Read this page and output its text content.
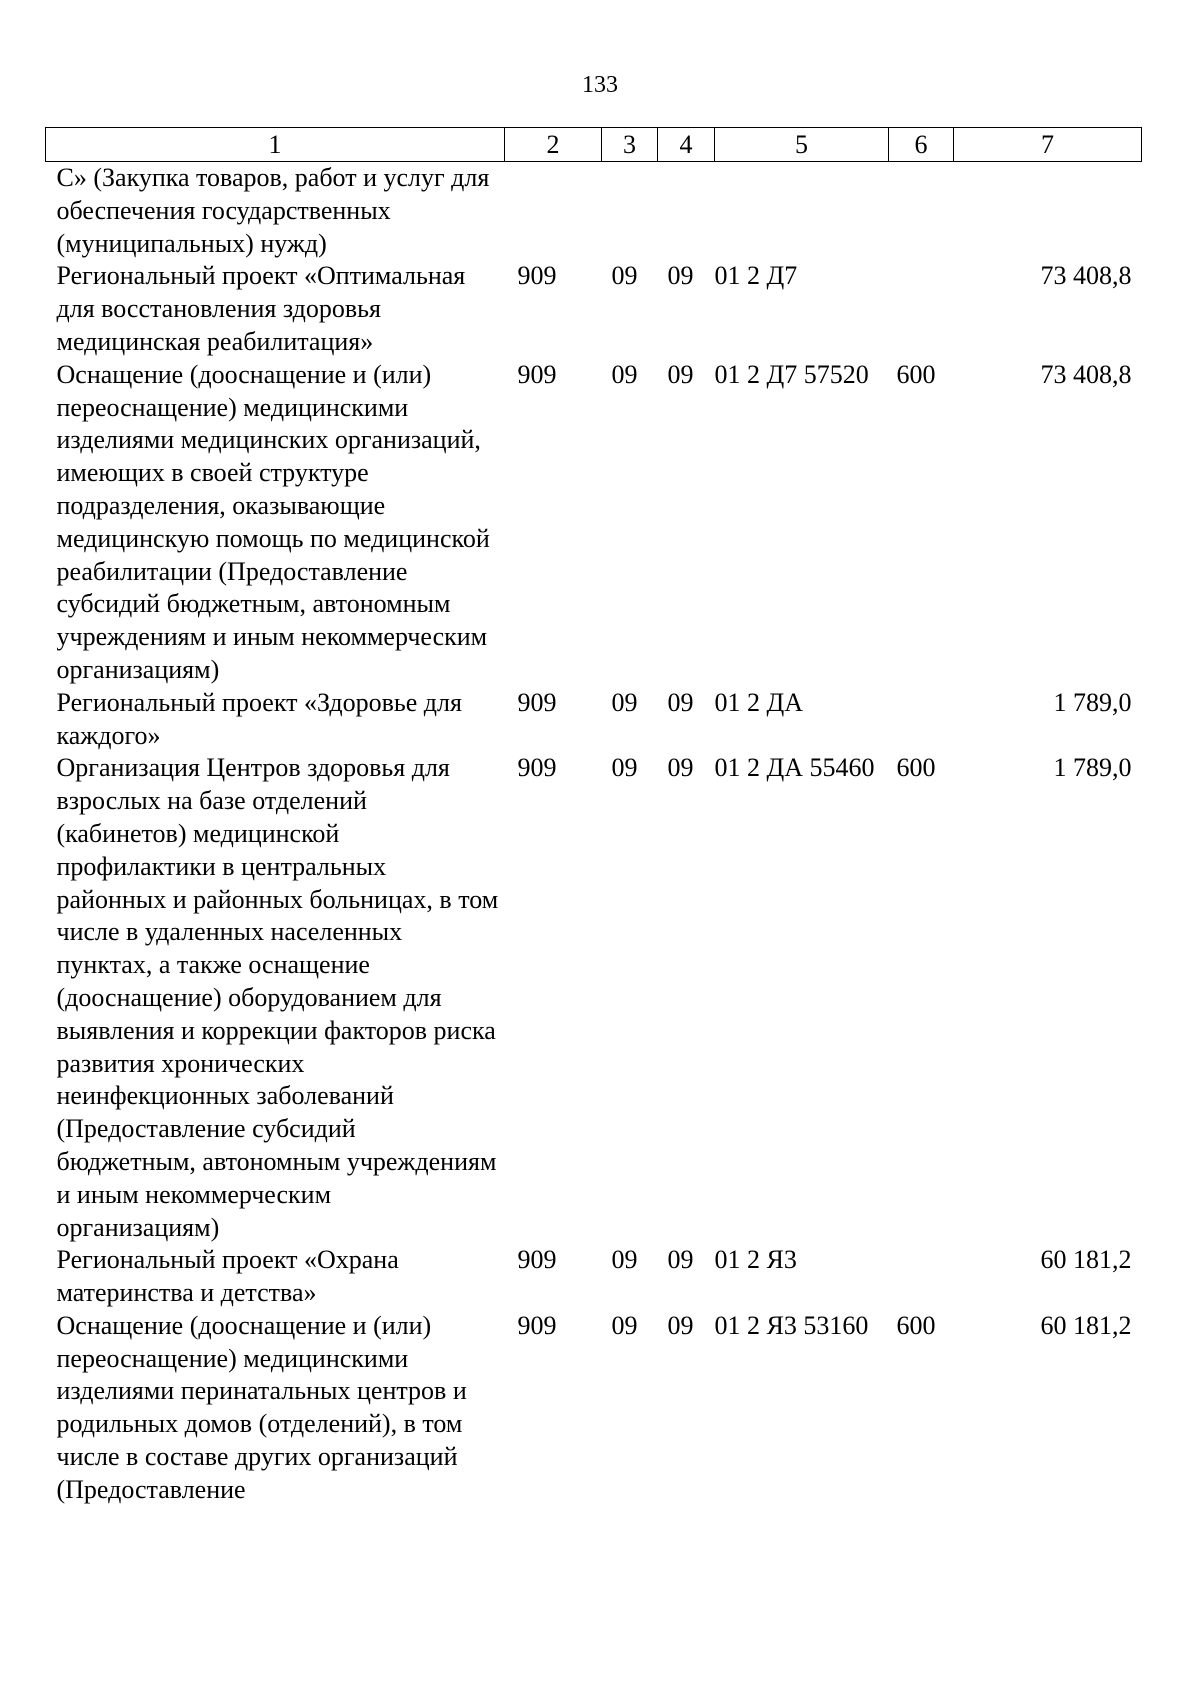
133
1	2	3	4	5	6	7
С» (Закупка товаров, работ и услуг для обеспечения государственных (муниципальных) нужд)						
Региональный проект «Оптимальная для восстановления здоровья медицинская реабилитация»	909	09	09	01 2 Д7		73 408,8
Оснащение (дооснащение и (или) переоснащение) медицинскими изделиями медицинских организаций, имеющих в своей структуре подразделения, оказывающие медицинскую помощь по медицинской реабилитации (Предоставление субсидий бюджетным, автономным учреждениям и иным некоммерческим организациям)	909	09	09	01 2 Д7 57520	600	73 408,8
Региональный проект «Здоровье для каждого»	909	09	09	01 2 ДА		1 789,0
Организация Центров здоровья для взрослых на базе отделений (кабинетов) медицинской профилактики в центральных районных и районных больницах, в том числе в удаленных населенных пунктах, а также оснащение (дооснащение) оборудованием для выявления и коррекции факторов риска развития хронических неинфекционных заболеваний (Предоставление субсидий бюджетным, автономным учреждениям и иным некоммерческим организациям)	909	09	09	01 2 ДА 55460	600	1 789,0
Региональный проект «Охрана материнства и детства»	909	09	09	01 2 Я3		60 181,2
Оснащение (дооснащение и (или) переоснащение) медицинскими изделиями перинатальных центров и родильных домов (отделений), в том числе в составе других организаций (Предоставление	909	09	09	01 2 Я3 53160	600	60 181,2
